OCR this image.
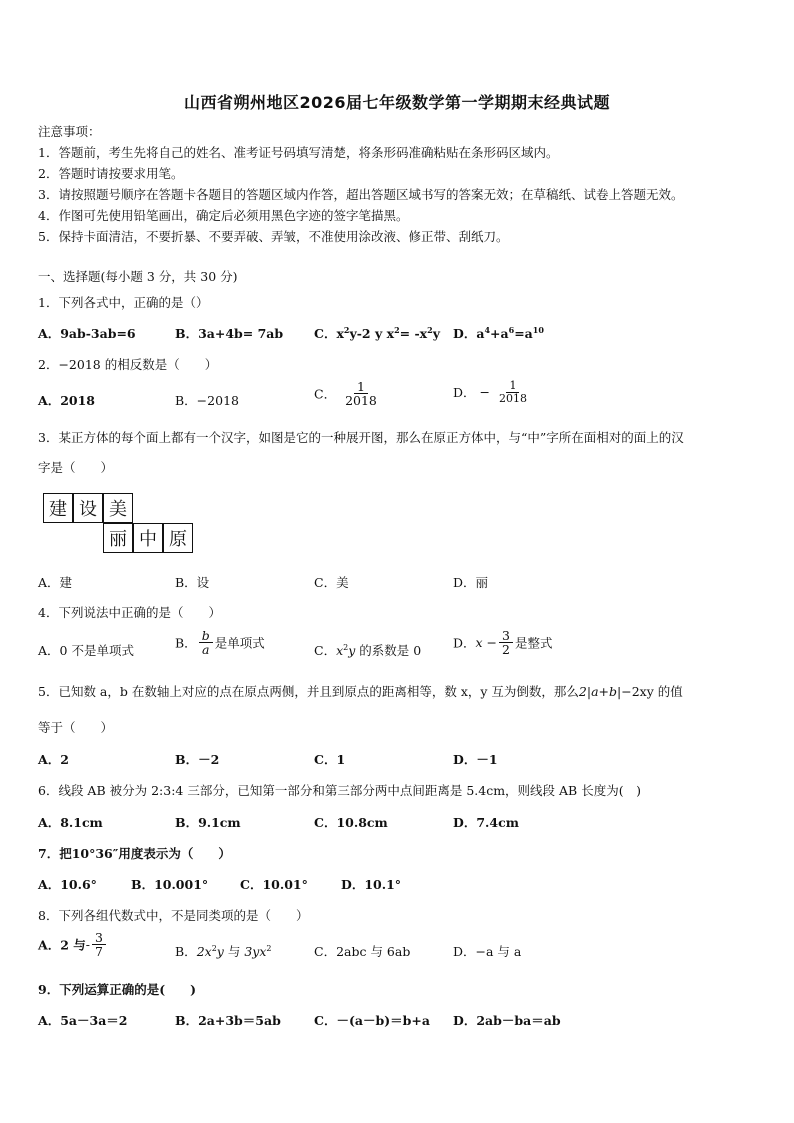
山西省朔州地区2026届七年级数学第一学期期末经典试题
注意事项：
1．答题前，考生先将自己的姓名、准考证号码填写清楚，将条形码准确粘贴在条形码区域内。
2．答题时请按要求用笔。
3．请按照题号顺序在答题卡各题目的答题区域内作答，超出答题区域书写的答案无效；在草稿纸、试卷上答题无效。
4．作图可先使用铅笔画出，确定后必须用黑色字迹的签字笔描黑。
5．保持卡面清洁，不要折暴、不要弄破、弄皱，不准使用涂改液、修正带、刮纸刀。
一、选择题(每小题 3 分，共 30 分)
1．下列各式中，正确的是（）
A．9ab-3ab=6	B．3a+4b= 7ab C．$x^2y-2$ y $x^2= -x^2y$ D．$a^4+a^6=a^{10}$
2．−2018 的相反数是（　　）
A．2018	B．−2018	C． $\frac{1}{2018}$	D． − $\frac{1}{2018}$
3．某正方体的每个面上都有一个汉字，如图是它的一种展开图，那么在原正方体中，与“中”字所在面相对的面上的汉
字是（　　）
建 设 美
丽 中 原
A．建	B．设	C．美	D．丽
4．下列说法中正确的是（　　）
A．0 不是单项式	B． $\frac{b}{a}$ 是单项式	C．$x^2y$ 的系数是 0	D．$x - \frac{3}{2}$ 是整式
5．已知数 a，b 在数轴上对应的点在原点两侧，并且到原点的距离相等，数 x，y 互为倒数，那么2|a+b|−2xy 的值
等于（　　）
A．2	B．－2	C．1	D．－1
6．线段 AB 被分为 2:3:4 三部分，已知第一部分和第三部分两中点间距离是 5.4cm，则线段 AB 长度为(　)
A．8.1cm	B．9.1cm	C．10.8cm	D．7.4cm
7．把10°36″用度表示为（　　）
A．10.6°	B．10.001°	C．10.01°	D．10.1°
8．下列各组代数式中，不是同类项的是（　　）
A．2 与- $\frac{3}{7}$	B．$2x^2y$ 与 $3yx^2$	C．2abc 与 6ab	D．−a 与 a
9．下列运算正确的是(　　)
A．5a－3a＝2	B．2a+3b＝5ab	C．－(a－b)＝b+a D．2ab－ba＝ab
